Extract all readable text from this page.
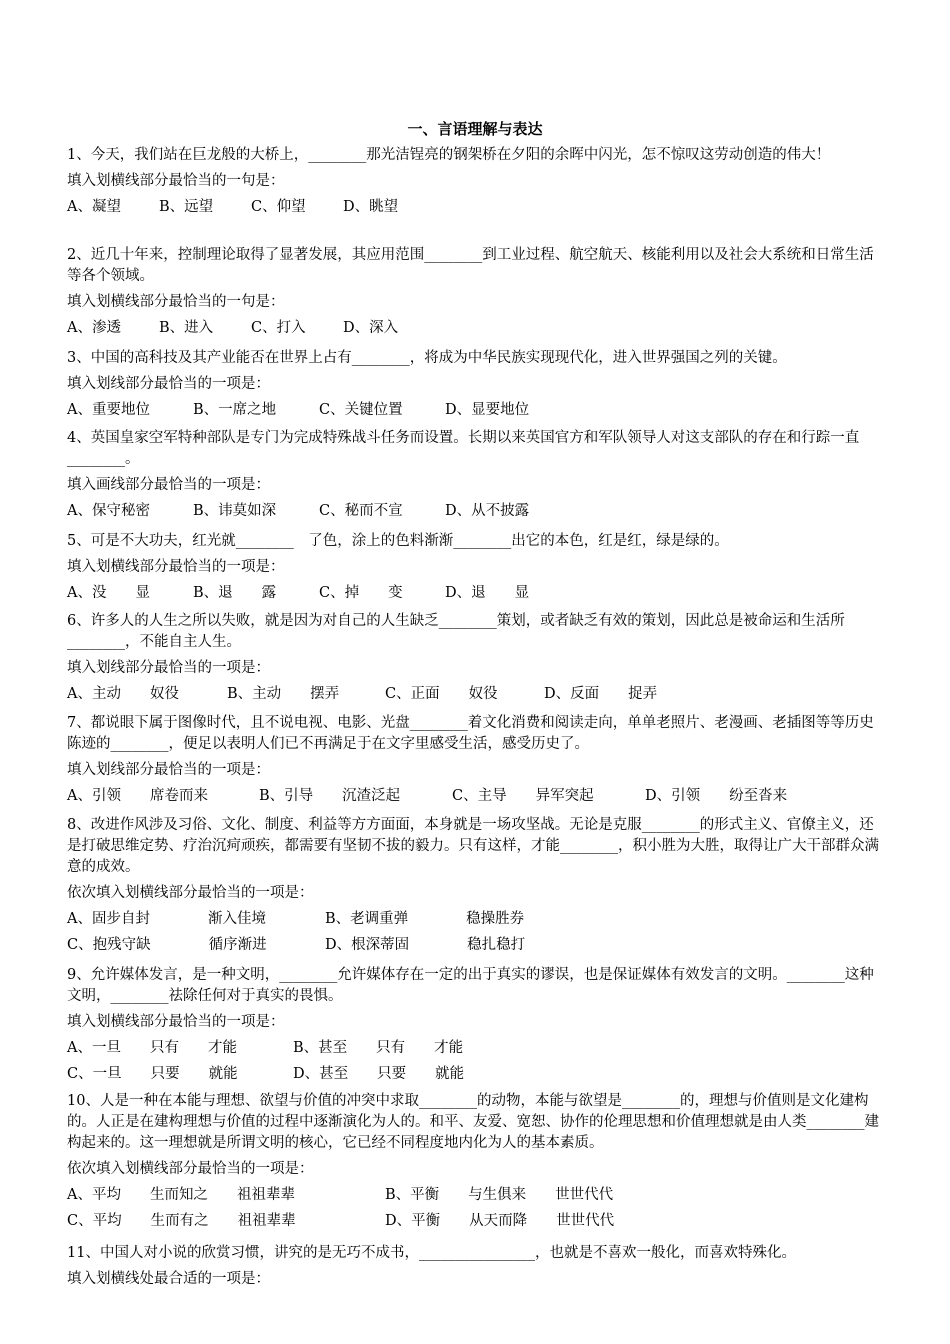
一、言语理解与表达

1、今天，我们站在巨龙般的大桥上，________那光洁锃亮的钢架桥在夕阳的余晖中闪光，怎不惊叹这劳动创造的伟大！

填入划横线部分最恰当的一句是：

A、凝望	B、远望	C、仰望	D、眺望

2、近几十年来，控制理论取得了显著发展，其应用范围________到工业过程、航空航天、核能利用以及社会大系统和日常生活等各个领域。

填入划横线部分最恰当的一句是：

A、渗透	B、进入	C、打入	D、深入

3、中国的高科技及其产业能否在世界上占有________，将成为中华民族实现现代化，进入世界强国之列的关键。

填入划线部分最恰当的一项是：

A、重要地位	B、一席之地	C、关键位置	D、显要地位

4、英国皇家空军特种部队是专门为完成特殊战斗任务而设置。长期以来英国官方和军队领导人对这支部队的存在和行踪一直________。

填入画线部分最恰当的一项是：

A、保守秘密	B、讳莫如深	C、秘而不宣	D、从不披露

5、可是不大功夫，红光就________　了色，涂上的色料渐渐________出它的本色，红是红，绿是绿的。

填入划横线部分最恰当的一项是：

A、没　　显	B、退　　露	C、掉　　变	D、退　　显

6、许多人的人生之所以失败，就是因为对自己的人生缺乏________策划，或者缺乏有效的策划，因此总是被命运和生活所________，不能自主人生。

填入划线部分最恰当的一项是：

A、主动　　奴役	B、主动　　摆弄	C、正面　　奴役	D、反面　　捉弄

7、都说眼下属于图像时代，且不说电视、电影、光盘________着文化消费和阅读走向，单单老照片、老漫画、老插图等等历史陈迹的________，便足以表明人们已不再满足于在文字里感受生活，感受历史了。

填入划线部分最恰当的一项是：

A、引领　　席卷而来	B、引导　　沉渣泛起	C、主导　　异军突起	D、引领　　纷至沓来

8、改进作风涉及习俗、文化、制度、利益等方方面面，本身就是一场攻坚战。无论是克服________的形式主义、官僚主义，还是打破思维定势、疗治沉疴顽疾，都需要有坚韧不拔的毅力。只有这样，才能________，积小胜为大胜，取得让广大干部群众满意的成效。

依次填入划横线部分最恰当的一项是：

A、固步自封　　　　渐入佳境	B、老调重弹　　　　稳操胜券
C、抱残守缺　　　　循序渐进	D、根深蒂固　　　　稳扎稳打

9、允许媒体发言，是一种文明，________允许媒体存在一定的出于真实的谬误，也是保证媒体有效发言的文明。________这种文明，________祛除任何对于真实的畏惧。

填入划横线部分最恰当的一项是：

A、一旦　　只有　　才能	B、甚至　　只有　　才能
C、一旦　　只要　　就能	D、甚至　　只要　　就能

10、人是一种在本能与理想、欲望与价值的冲突中求取________的动物，本能与欲望是________的，理想与价值则是文化建构的。人正是在建构理想与价值的过程中逐渐演化为人的。和平、友爱、宽恕、协作的伦理思想和价值理想就是由人类________建构起来的。这一理想就是所谓文明的核心，它已经不同程度地内化为人的基本素质。

依次填入划横线部分最恰当的一项是：

A、平均　　生而知之　　祖祖辈辈	B、平衡　　与生俱来　　世世代代
C、平均　　生而有之　　祖祖辈辈	D、平衡　　从天而降　　世世代代

11、中国人对小说的欣赏习惯，讲究的是无巧不成书，________________，也就是不喜欢一般化，而喜欢特殊化。

填入划横线处最合适的一项是：
